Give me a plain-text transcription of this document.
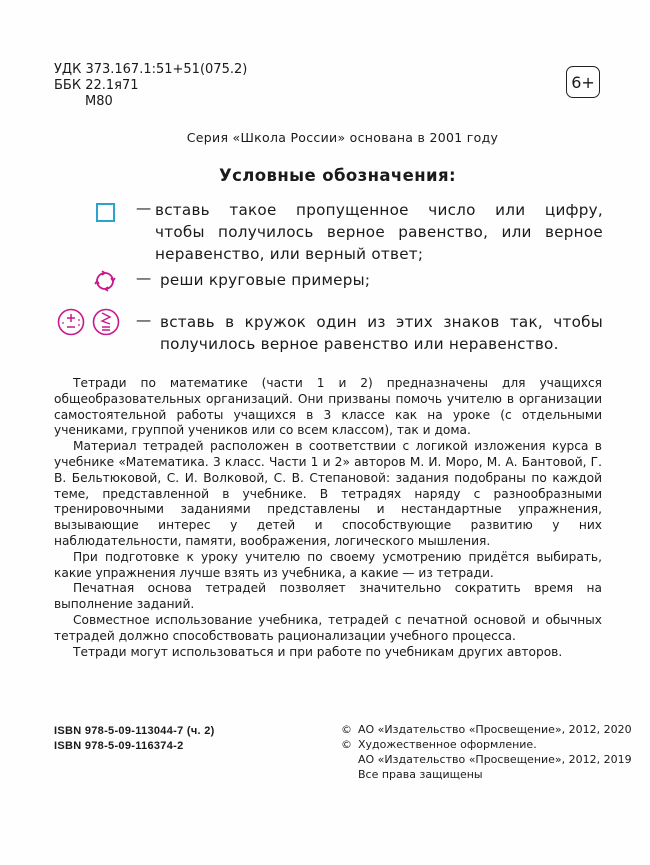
УДК 373.167.1:51+51(075.2)
ББК 22.1я71
М80
6+
Серия «Школа России» основана в 2001 году
Условные обозначения:
— вставь такое пропущенное число или цифру,
чтобы получилось верное равенство, или верное
неравенство, или верный ответ;
— реши круговые примеры;
— вставь в кружок один из этих знаков так, чтобы
получилось верное равенство или неравенство.

Тетради по математике (части 1 и 2) предназначены для учащихся общеобразовательных организаций. Они призваны помочь учителю в организации самостоятельной работы учащихся в 3 классе как на уроке (с отдельными учениками, группой учеников или со всем классом), так и дома.

Материал тетрадей расположен в соответствии с логикой изложения курса в учебнике «Математика. 3 класс. Части 1 и 2» авторов М. И. Моро, М. А. Бантовой, Г. В. Бельтюковой, С. И. Волковой, С. В. Степановой: задания подобраны по каждой теме, представленной в учебнике. В тетрадях наряду с разнообразными тренировочными заданиями представлены и нестандартные упражнения, вызывающие интерес у детей и способствующие развитию у них наблюдательности, памяти, воображения, логического мышления.

При подготовке к уроку учителю по своему усмотрению придётся выбирать, какие упражнения лучше взять из учебника, а какие — из тетради.

Печатная основа тетрадей позволяет значительно сократить время на выполнение заданий.

Совместное использование учебника, тетрадей с печатной основой и обычных тетрадей должно способствовать рационализации учебного процесса.

Тетради могут использоваться и при работе по учебникам других авторов.

ISBN 978-5-09-113044-7 (ч. 2)
ISBN 978-5-09-116374-2
© АО «Издательство «Просвещение», 2012, 2020
© Художественное оформление.
АО «Издательство «Просвещение», 2012, 2019
Все права защищены
